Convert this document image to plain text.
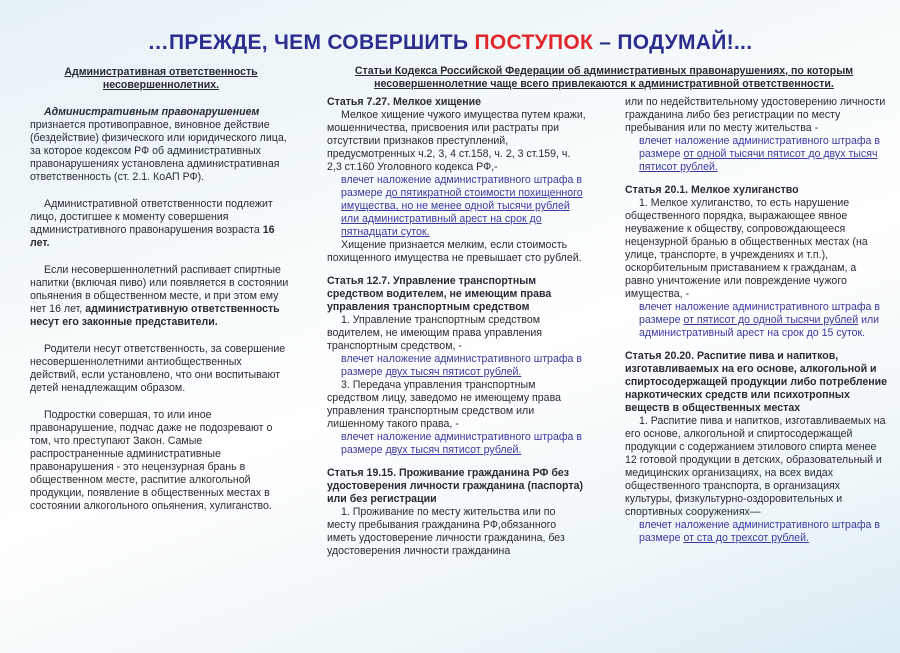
…ПРЕЖДЕ, ЧЕМ СОВЕРШИТЬ ПОСТУПОК – ПОДУМАЙ!...

Административная ответственность несовершеннолетних.

Административным правонарушением признается противоправное, виновное действие (бездействие) физического или юридического лица, за которое кодексом РФ об административных правонарушениях установлена административная ответственность (ст. 2.1. КоАП РФ).

Административной ответственности подлежит лицо, достигшее к моменту совершения административного правонарушения возраста 16 лет.

Если несовершеннолетний распивает спиртные напитки (включая пиво) или появляется в состоянии опьянения в общественном месте, и при этом ему нет 16 лет, административную ответственность несут его законные представители.

Родители несут ответственность, за совершение несовершеннолетними антиобщественных действий, если установлено, что они воспитывают детей ненадлежащим образом.

Подростки совершая, то или иное правонарушение, подчас даже не подозревают о том, что преступают Закон. Самые распространенные административные правонарушения - это нецензурная брань в общественном месте, распитие алкогольной продукции, появление в общественных местах в состоянии алкогольного опьянения, хулиганство.

Статьи Кодекса Российской Федерации об административных правонарушениях, по которым несовершеннолетние чаще всего привлекаются к административной ответственности.

Статья 7.27. Мелкое хищение

Мелкое хищение чужого имущества путем кражи, мошенничества, присвоения или растраты при отсутствии признаков преступлений, предусмотренных ч.2, 3, 4 ст.158, ч. 2, 3 ст.159, ч. 2,3 ст.160 Уголовного кодекса РФ,-

влечет наложение административного штрафа в размере до пятикратной стоимости похищенного имущества, но не менее одной тысячи рублей или административный арест на срок до пятнадцати суток.

Хищение признается мелким, если стоимость похищенного имущества не превышает сто рублей.

Статья 12.7. Управление транспортным средством водителем, не имеющим права управления транспортным средством

1. Управление транспортным средством водителем, не имеющим права управления транспортным средством, -

влечет наложение административного штрафа в размере двух тысяч пятисот рублей.

3. Передача управления транспортным средством лицу, заведомо не имеющему права управления транспортным средством или лишенному такого права, -

влечет наложение административного штрафа в размере двух тысяч пятисот рублей.

Статья 19.15. Проживание гражданина РФ без удостоверения личности гражданина (паспорта) или без регистрации

1. Проживание по месту жительства или по месту пребывания гражданина РФ,обязанного иметь удостоверение личности гражданина, без удостоверения личности гражданина

или по недействительному удостоверению личности гражданина либо без регистрации по месту пребывания или по месту жительства -

влечет наложение административного штрафа в размере от одной тысячи пятисот до двух тысяч пятисот рублей.

Статья 20.1. Мелкое хулиганство

1. Мелкое хулиганство, то есть нарушение общественного порядка, выражающее явное неуважение к обществу, сопровождающееся нецензурной бранью в общественных местах (на улице, транспорте, в учреждениях и т.п.), оскорбительным приставанием к гражданам, а равно уничтожение или повреждение чужого имущества, -

влечет наложение административного штрафа в размере от пятисот до одной тысячи рублей или административный арест на срок до 15 суток.

Статья 20.20. Распитие пива и напитков, изготавливаемых на его основе, алкогольной и спиртосодержащей продукции либо потребление наркотических средств или психотропных веществ в общественных местах

1. Распитие пива и напитков, изготавливаемых на его основе, алкогольной и спиртосодержащей продукции с содержанием этилового спирта менее 12 готовой продукции в детских, образовательный и медицинских организациях, на всех видах общественного транспорта, в организациях культуры, физкультурно-оздоровительных и спортивных сооружениях—

влечет наложение административного штрафа в размере от ста до трехсот рублей.
